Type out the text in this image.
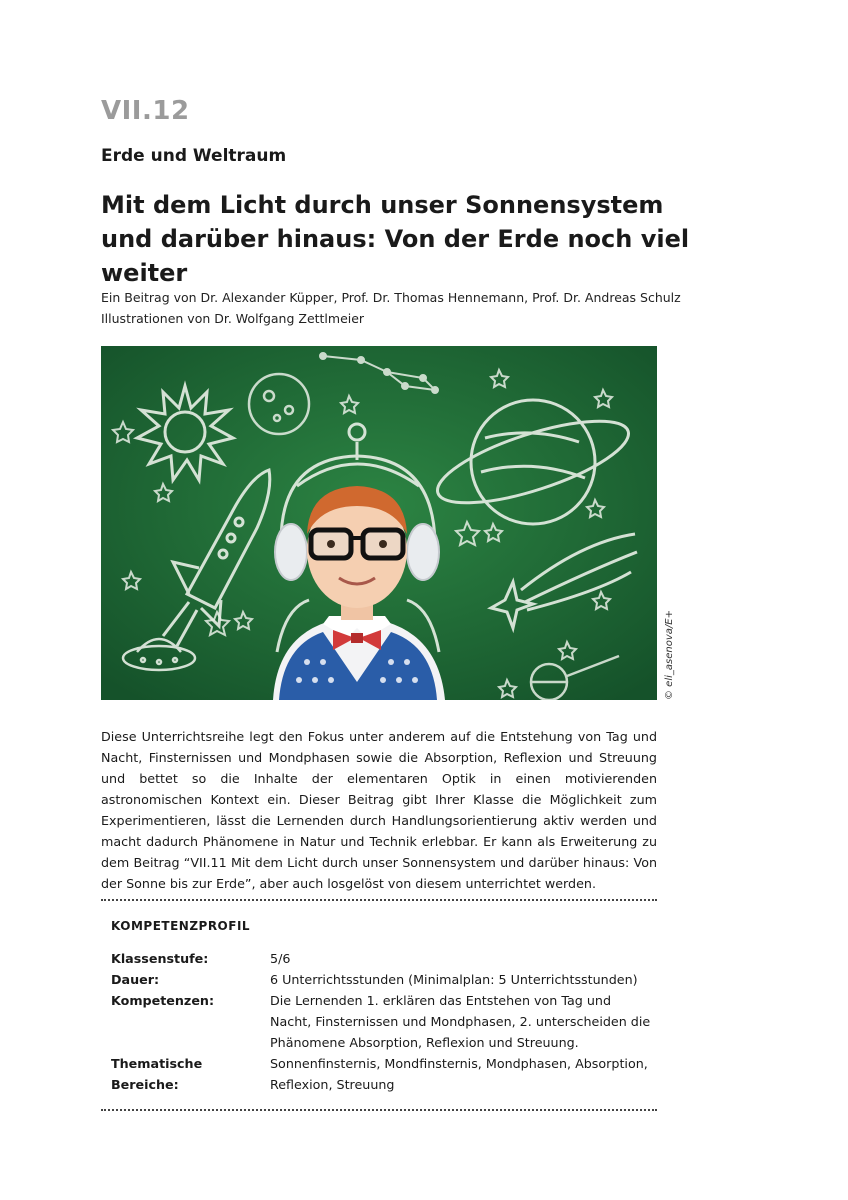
VII.12
Erde und Weltraum
Mit dem Licht durch unser Sonnensystem und darüber hinaus: Von der Erde noch viel weiter
Ein Beitrag von Dr. Alexander Küpper, Prof. Dr. Thomas Hennemann, Prof. Dr. Andreas Schulz
Illustrationen von Dr. Wolfgang Zettlmeier
© eli_asenova/E+
Diese Unterrichtsreihe legt den Fokus unter anderem auf die Entstehung von Tag und Nacht, Finsternissen und Mondphasen sowie die Absorption, Reflexion und Streuung und bettet so die Inhalte der elementaren Optik in einen motivierenden astronomischen Kontext ein. Dieser Beitrag gibt Ihrer Klasse die Möglichkeit zum Experimentieren, lässt die Lernenden durch Handlungsorientierung aktiv werden und macht dadurch Phänomene in Natur und Technik erlebbar. Er kann als Erweiterung zu dem Beitrag “VII.11 Mit dem Licht durch unser Sonnensystem und darüber hinaus: Von der Sonne bis zur Erde”, aber auch losgelöst von diesem unterrichtet werden.
KOMPETENZPROFIL
Klassenstufe:	5/6
Dauer:	6 Unterrichtsstunden (Minimalplan: 5 Unterrichtsstunden)
Kompetenzen:	Die Lernenden 1. erklären das Entstehen von Tag und Nacht, Finsternissen und Mondphasen, 2. unterscheiden die Phänomene Absorption, Reflexion und Streuung.
Thematische Bereiche:
Sonnenfinsternis, Mondfinsternis, Mondphasen, Absorption, Reflexion, Streuung
